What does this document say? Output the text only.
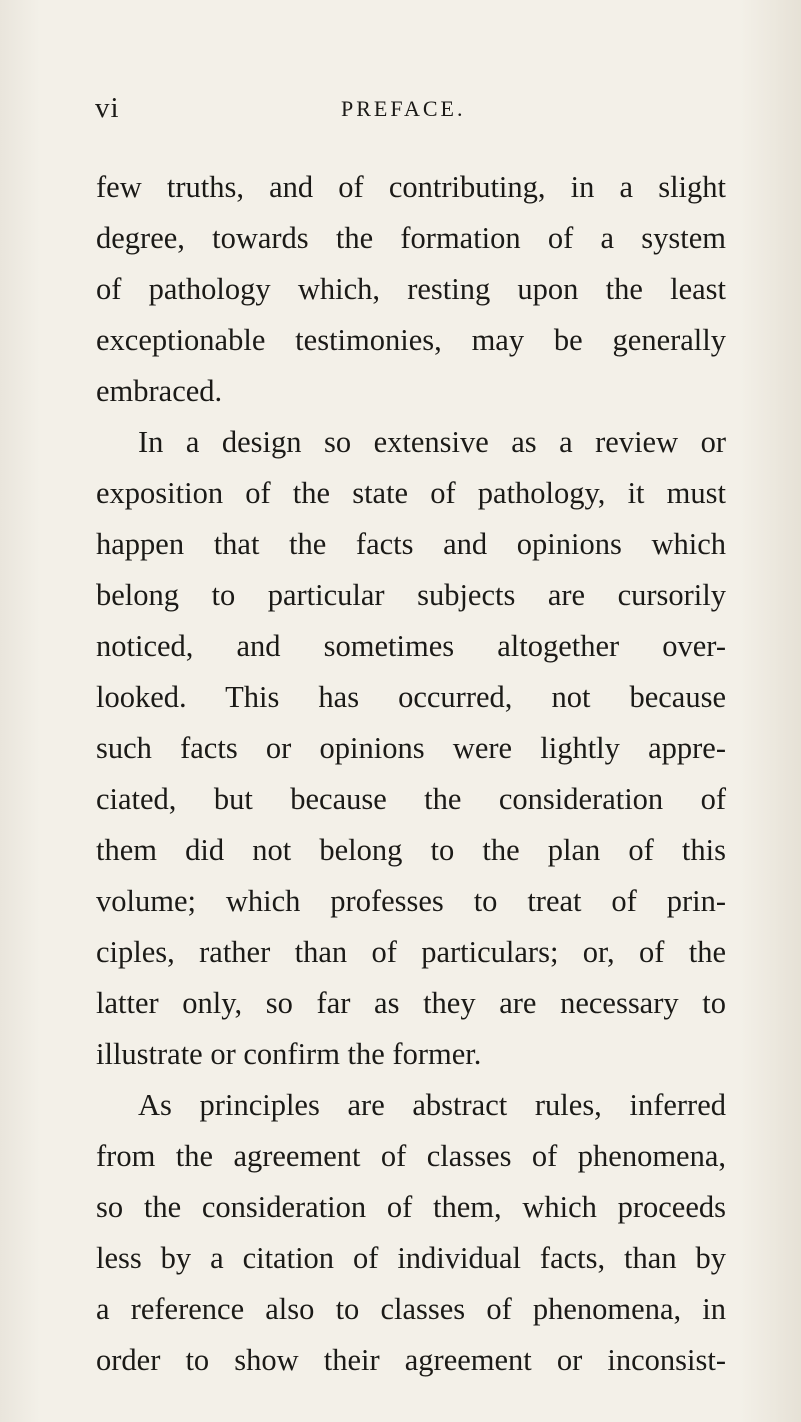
vi	PREFACE.
few truths, and of contributing, in a slight
degree, towards the formation of a system
of pathology which, resting upon the least
exceptionable testimonies, may be generally
embraced.
In a design so extensive as a review or
exposition of the state of pathology, it must
happen that the facts and opinions which
belong to particular subjects are cursorily
noticed, and sometimes altogether over-
looked. This has occurred, not because
such facts or opinions were lightly appre-
ciated, but because the consideration of
them did not belong to the plan of this
volume; which professes to treat of prin-
ciples, rather than of particulars; or, of the
latter only, so far as they are necessary to
illustrate or confirm the former.
As principles are abstract rules, inferred
from the agreement of classes of phenomena,
so the consideration of them, which proceeds
less by a citation of individual facts, than by
a reference also to classes of phenomena, in
order to show their agreement or inconsist-
